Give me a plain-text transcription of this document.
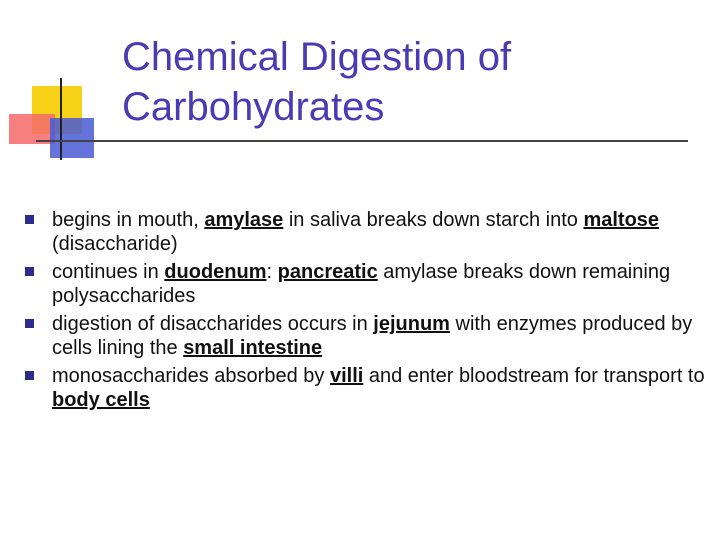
Chemical Digestion of Carbohydrates
begins in mouth, amylase in saliva breaks down starch into maltose (disaccharide)
continues in duodenum: pancreatic amylase breaks down remaining polysaccharides
digestion of disaccharides occurs in jejunum with enzymes produced by cells lining the small intestine
monosaccharides absorbed by villi and enter bloodstream for transport to body cells
